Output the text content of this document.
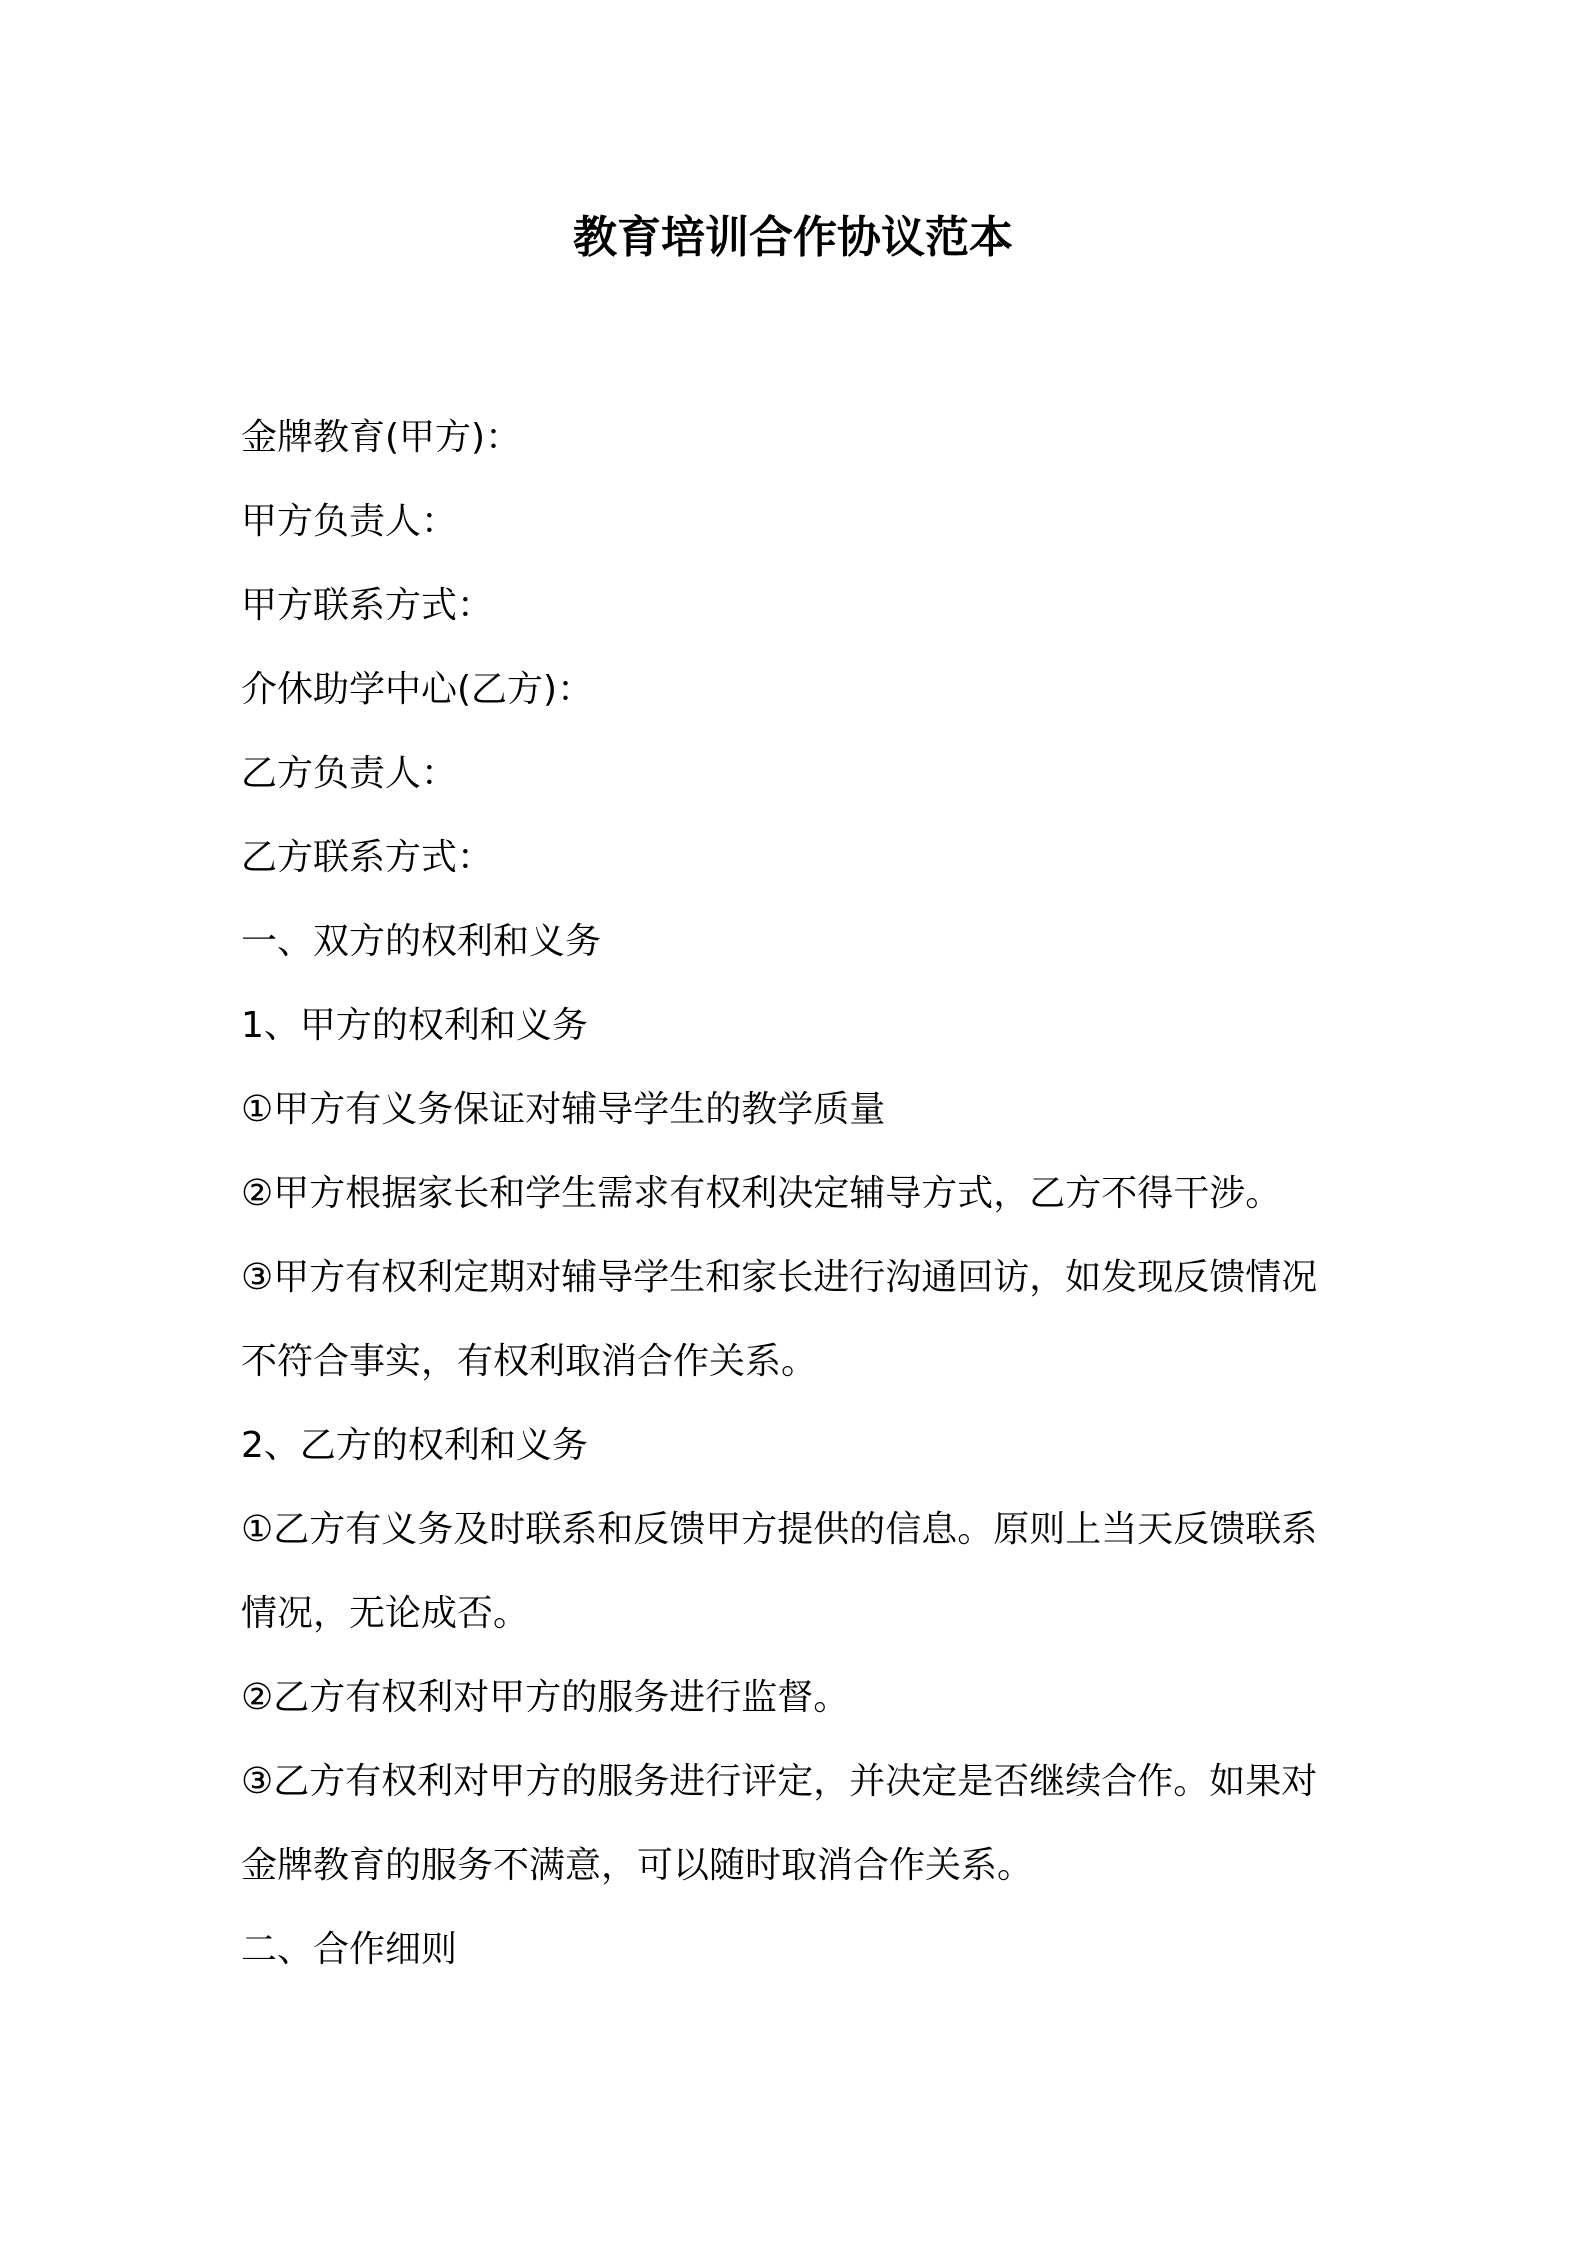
教育培训合作协议范本
金牌教育(甲方)：
甲方负责人：
甲方联系方式：
介休助学中心(乙方)：
乙方负责人：
乙方联系方式：
一、双方的权利和义务
1、甲方的权利和义务
①甲方有义务保证对辅导学生的教学质量
②甲方根据家长和学生需求有权利决定辅导方式，乙方不得干涉。
③甲方有权利定期对辅导学生和家长进行沟通回访，如发现反馈情况
不符合事实，有权利取消合作关系。
2、乙方的权利和义务
①乙方有义务及时联系和反馈甲方提供的信息。原则上当天反馈联系
情况，无论成否。
②乙方有权利对甲方的服务进行监督。
③乙方有权利对甲方的服务进行评定，并决定是否继续合作。如果对
金牌教育的服务不满意，可以随时取消合作关系。
二、合作细则
